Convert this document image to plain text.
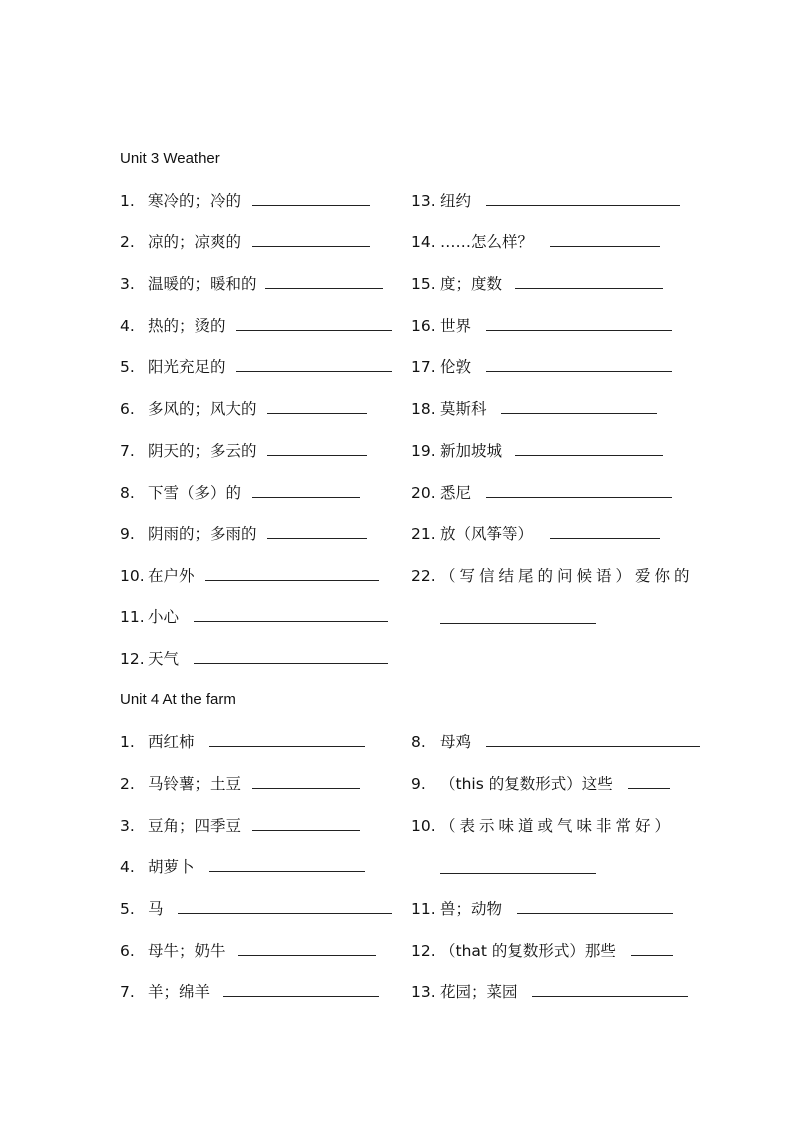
Unit 3 Weather
1. 寒冷的；冷的
2. 凉的；凉爽的
3. 温暖的；暖和的
4. 热的；烫的
5. 阳光充足的
6. 多风的；风大的
7. 阴天的；多云的
8. 下雪（多）的
9. 阴雨的；多雨的
10. 在户外
11. 小心
12. 天气
13. 纽约
14. ……怎么样？
15. 度；度数
16. 世界
17. 伦敦
18. 莫斯科
19. 新加坡城
20. 悉尼
21. 放（风筝等）
22. （写信结尾的问候语）爱你的
Unit 4 At the farm
1. 西红柿
2. 马铃薯；土豆
3. 豆角；四季豆
4. 胡萝卜
5. 马
6. 母牛；奶牛
7. 羊；绵羊
8. 母鸡
9. （this 的复数形式）这些
10. （表示味道或气味非常好）
11. 兽；动物
12. （that 的复数形式）那些
13. 花园；菜园
